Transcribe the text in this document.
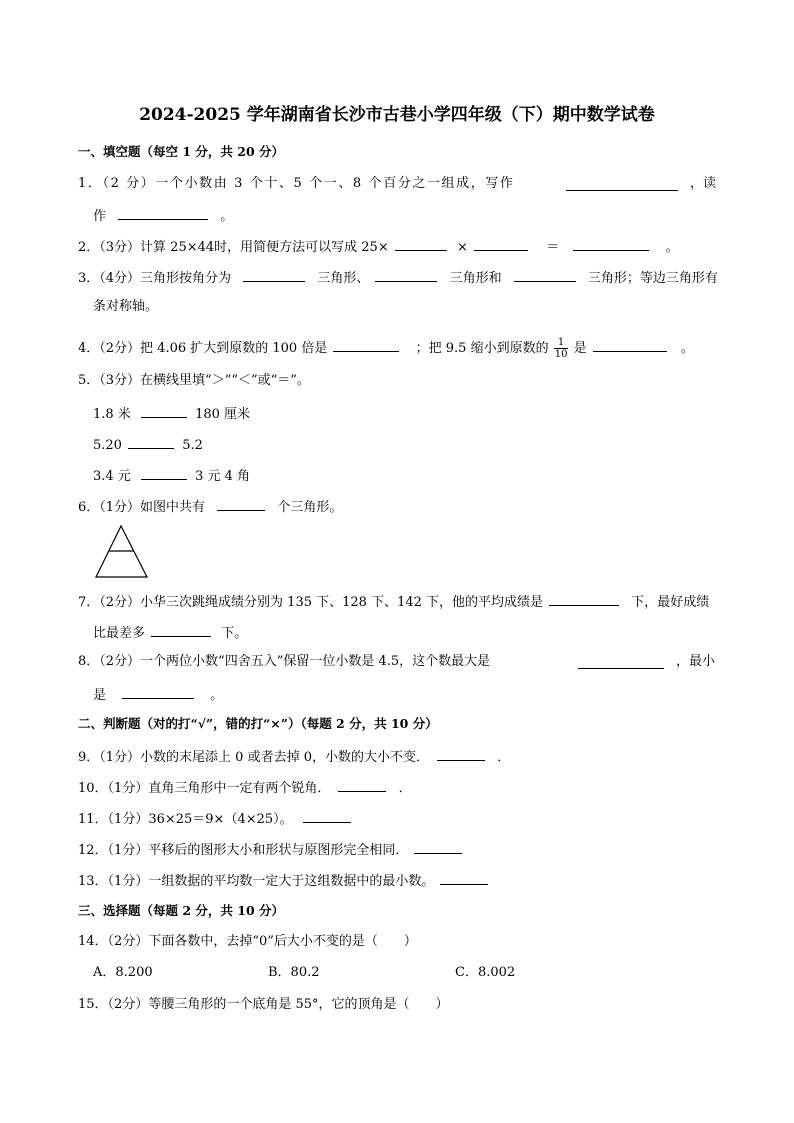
2024-2025 学年湖南省长沙市古巷小学四年级（下）期中数学试卷
一、填空题（每空 1 分，共 20 分）
1．（2 分）一个小数由 3 个十、5 个一、8 个百分之一组成，写作	，读
作	。
2．（3分）计算 25×44时，用简便方法可以写成 25×	×	＝	。
3．（4分）三角形按角分为	三角形、	三角形和	三角形；等边三角形有
条对称轴。
4．（2分）把 4.06 扩大到原数的 100 倍是	；把 9.5 缩小到原数的 $\frac{1}{10}$ 是	。
5．（3分）在横线里填“＞”“＜”或“＝”。
1.8 米	180 厘米
5.20	5.2
3.4 元	3 元 4 角
6．（1分）如图中共有	个三角形。
7．（2分）小华三次跳绳成绩分别为 135 下、128 下、142 下，他的平均成绩是	下，最好成绩
比最差多	下。
8．（2分）一个两位小数“四舍五入”保留一位小数是 4.5，这个数最大是	，最小
是	。
二、判断题（对的打“√”，错的打“×”）（每题 2 分，共 10 分）
9．（1分）小数的末尾添上 0 或者去掉 0，小数的大小不变．	．
10．（1分）直角三角形中一定有两个锐角．	．
11．（1分）36×25＝9×（4×25）。
12．（1分）平移后的图形大小和形状与原图形完全相同．
13．（1分）一组数据的平均数一定大于这组数据中的最小数。
三、选择题（每题 2 分，共 10 分）
14．（2分）下面各数中，去掉“0”后大小不变的是（　　）
A．8.200	B．80.2	C．8.002
15．（2分）等腰三角形的一个底角是 55°，它的顶角是（　　）
